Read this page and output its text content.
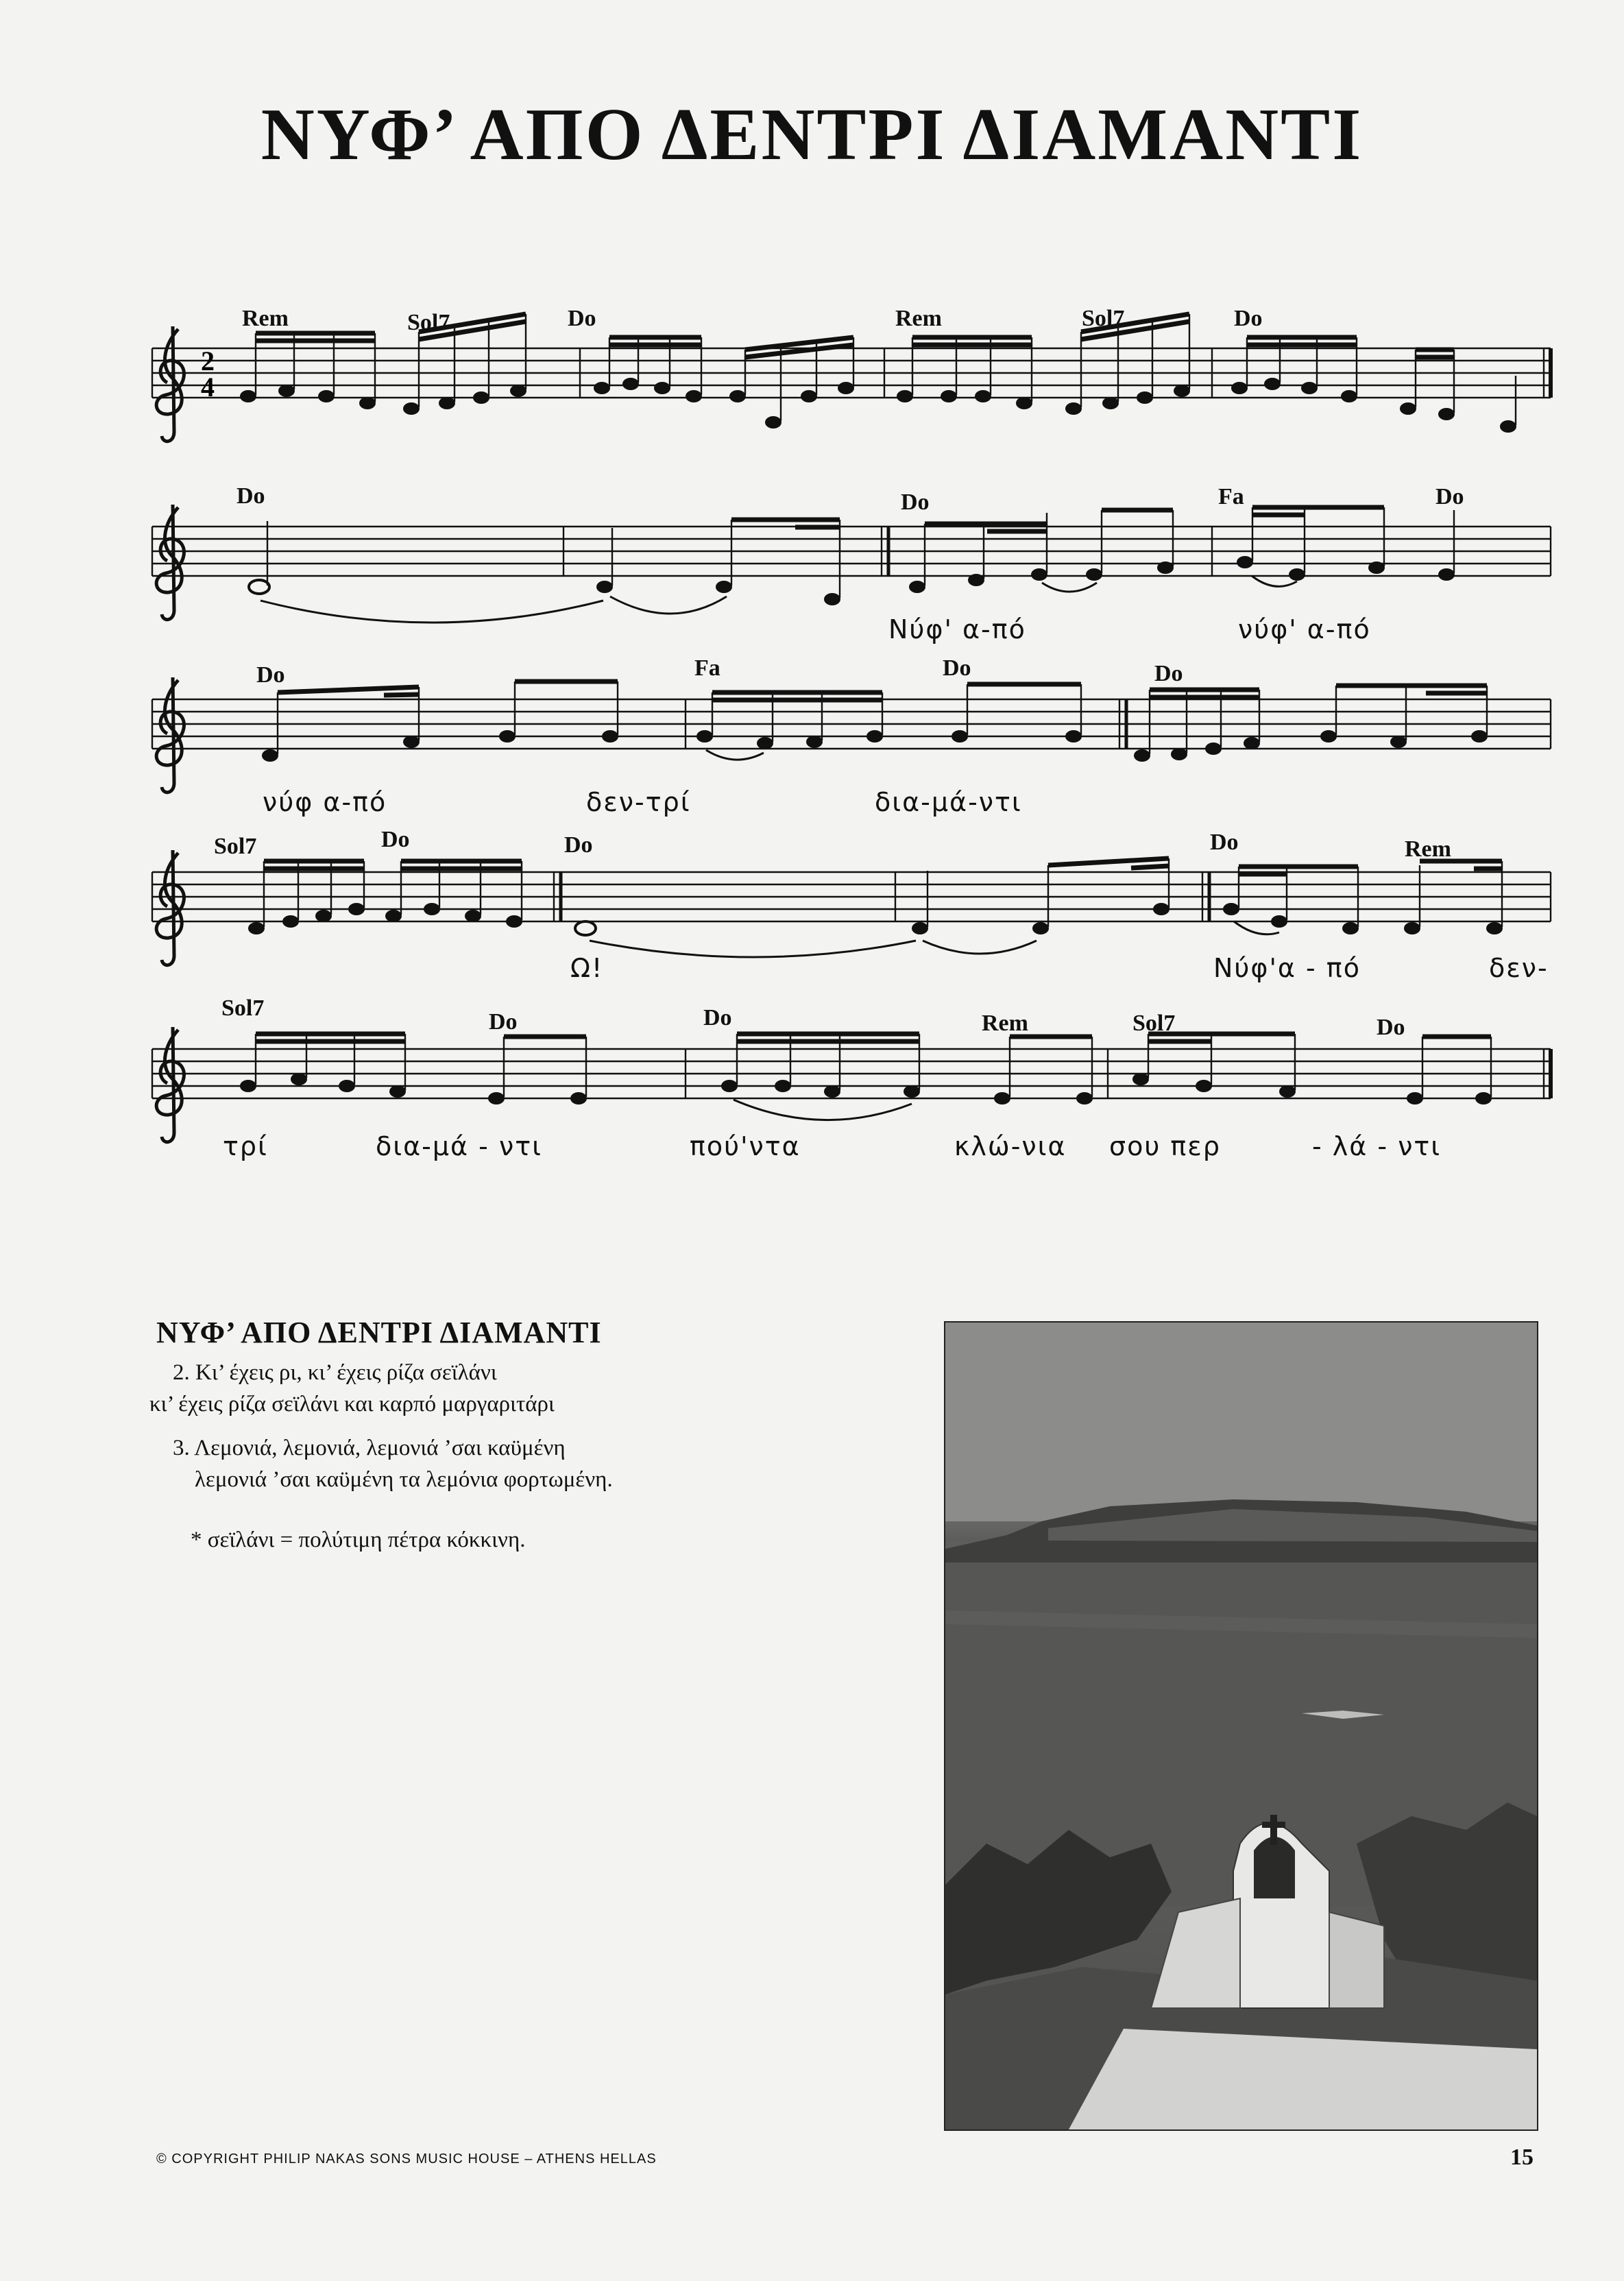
ΝΥΦ’ ΑΠΟ ΔΕΝΤΡΙ ΔΙΑΜΑΝΤΙ
2
4
Rem	Sol7	Do	Rem	Sol7	Do
Do	Do	Fa	Do
Do	Fa	Do	Do
Sol7	Do	Do	Do	Rem
Sol7
Do	Do	Rem	Sol7	Do
Νύφ' α-πό	νύφ' α-πό
νύφ α-πό	δεν-τρί	δια-μά-ντι
Ω!	Νύφ'α - πό	δεν-
τρί	δια-μά - ντι	πού'ντα	κλώ-νια σου περ	- λά - ντι
ΝΥΦ’ ΑΠΟ ΔΕΝΤΡΙ ΔΙΑΜΑΝΤΙ
2. Κι’ έχεις ρι, κι’ έχεις ρίζα σεϊλάνι
κι’ έχεις ρίζα σεϊλάνι και καρπό μαργαριτάρι
3. Λεμονιά, λεμονιά, λεμονιά ’σαι καϋμένη
λεμονιά ’σαι καϋμένη τα λεμόνια φορτωμένη.
* σεϊλάνι = πολύτιμη πέτρα κόκκινη.
© COPYRIGHT PHILIP NAKAS SONS MUSIC HOUSE – ATHENS HELLAS	15
